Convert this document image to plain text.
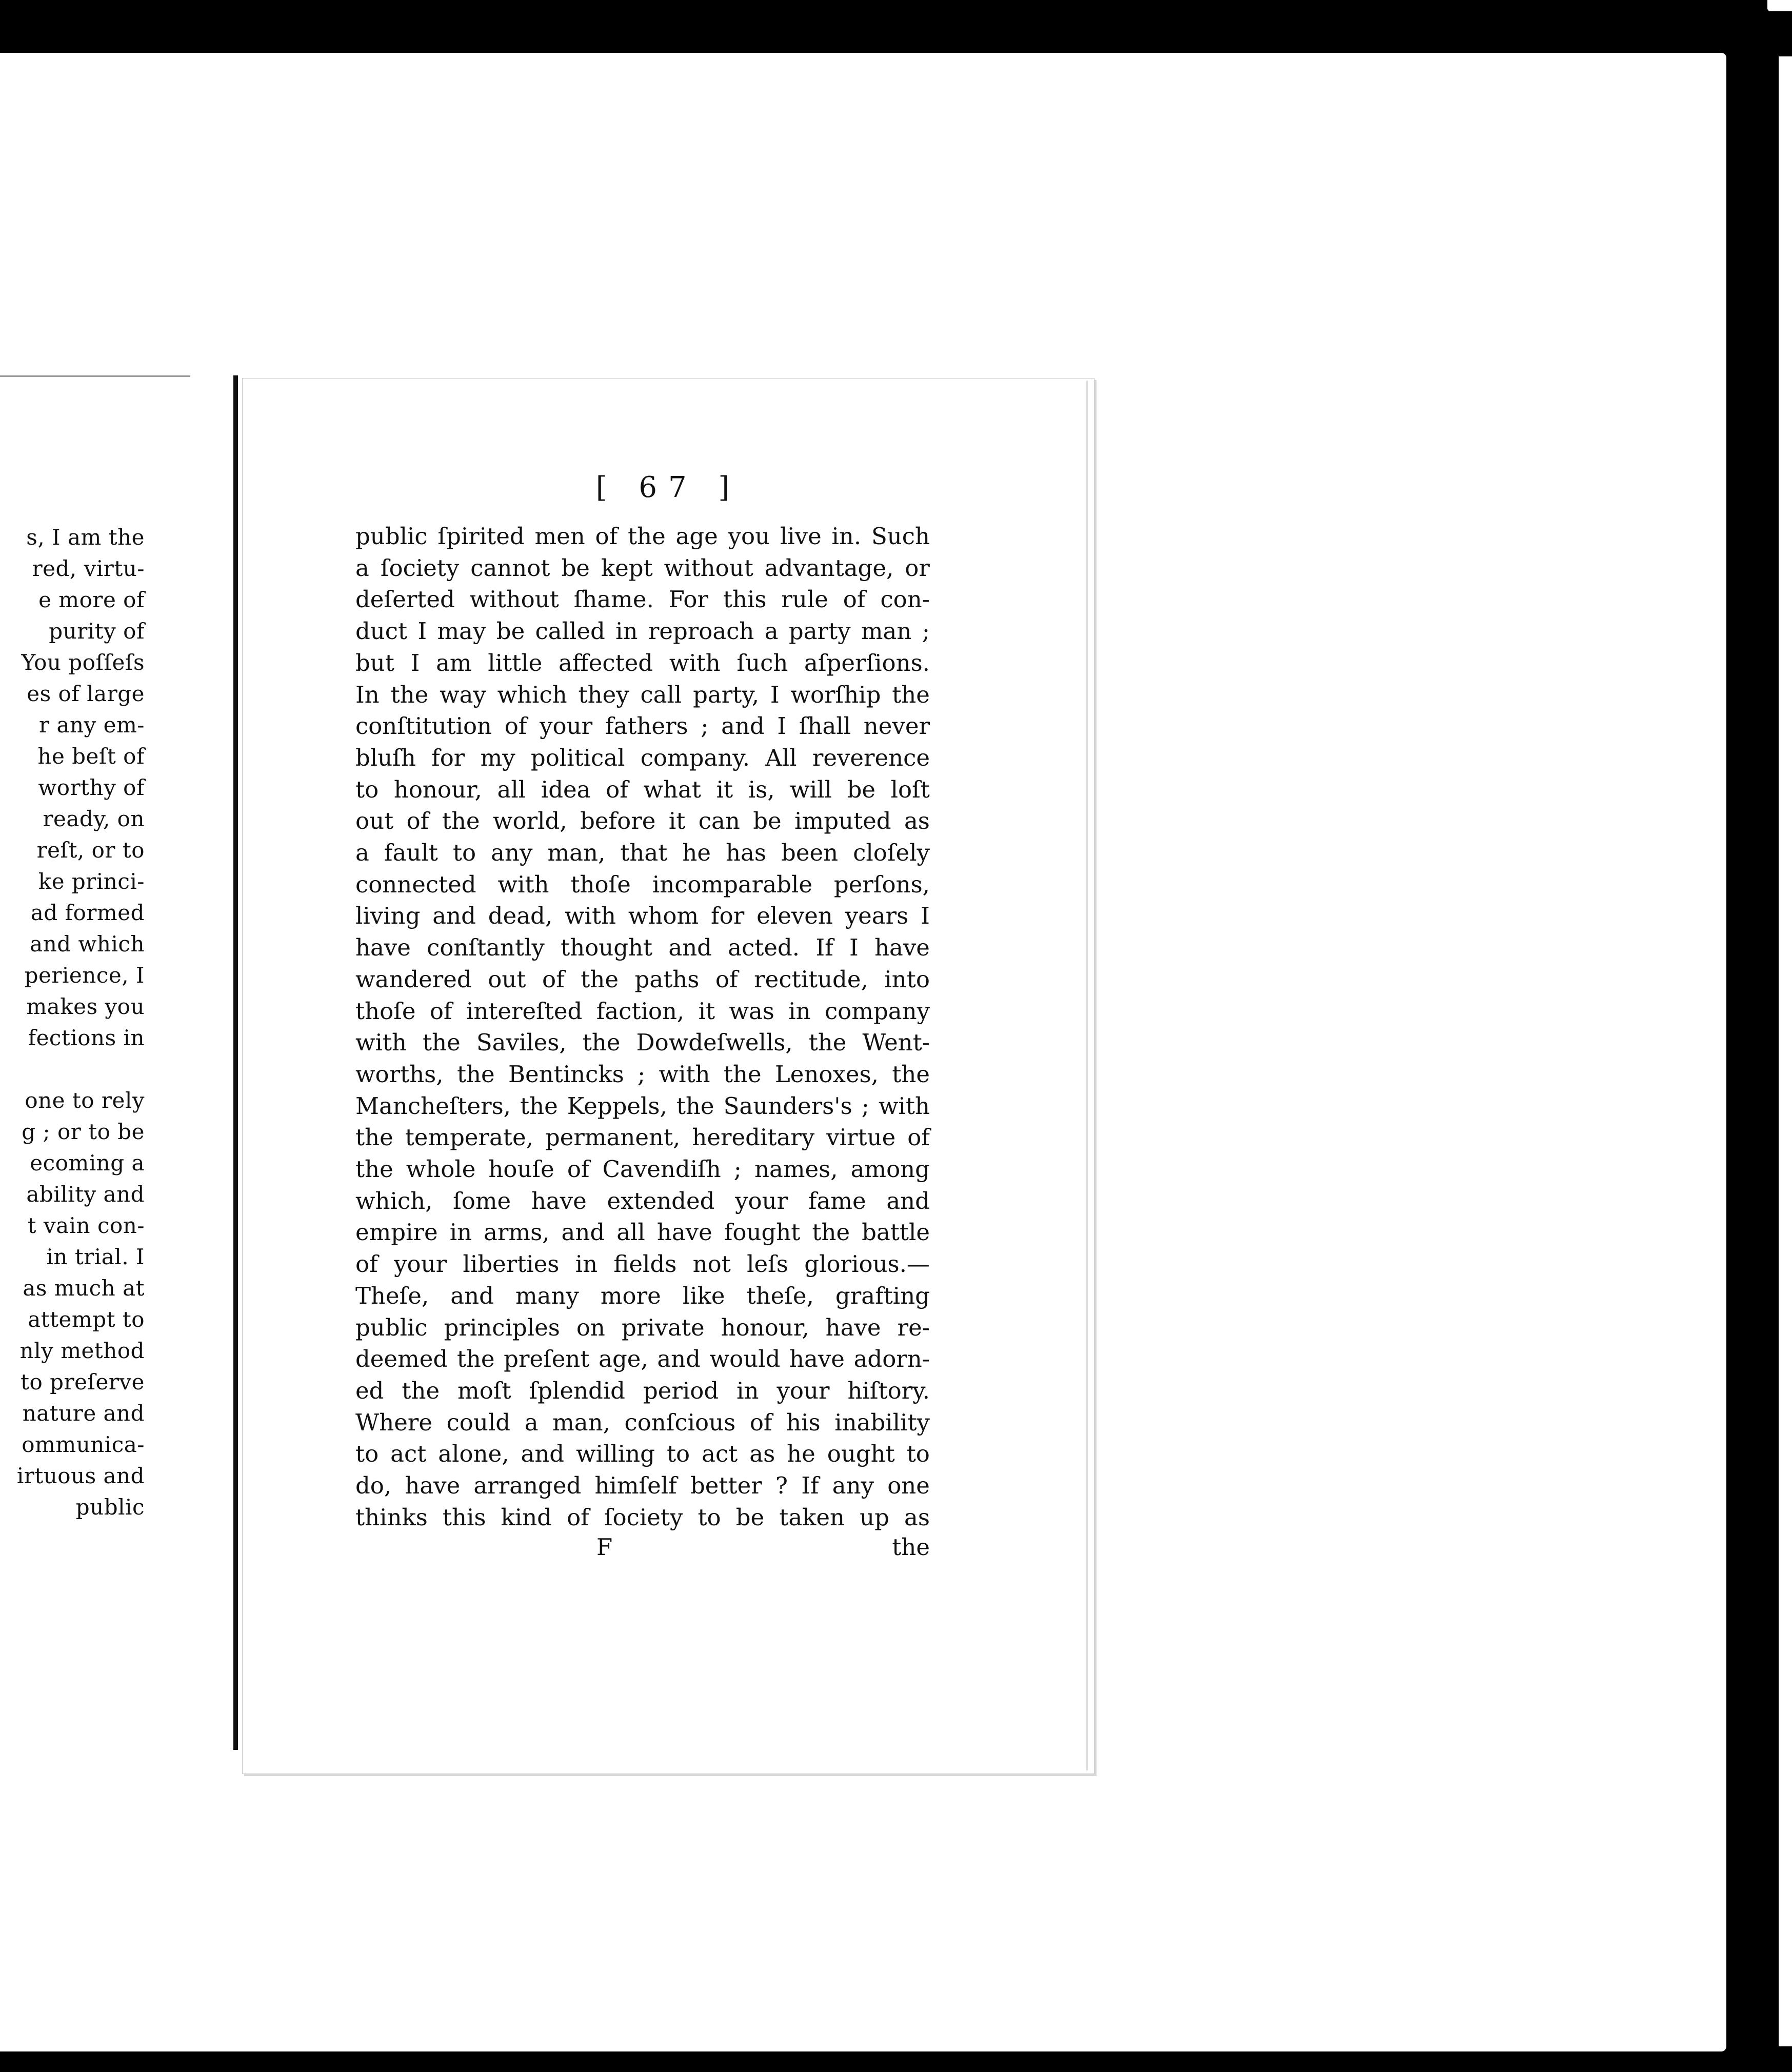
s, I am the
red, virtu-
e more of
purity of
You poſſeſs
es of large
r any em-
he beſt of
worthy of
ready, on
reſt, or to
ke princi-
ad formed
and which
perience, I
makes you
fections in
one to rely
g ; or to be
ecoming a
ability and
t vain con-
in trial. I
as much at
attempt to
nly method
to preſerve
nature and
ommunica-
irtuous and
public
[ 67 ]
public ſpirited men of the age you live in. Such
a ſociety cannot be kept without advantage, or
deſerted without ſhame. For this rule of con-
duct I may be called in reproach a party man ;
but I am little affected with ſuch aſperſions.
In the way which they call party, I worſhip the
conſtitution of your fathers ; and I ſhall never
bluſh for my political company. All reverence
to honour, all idea of what it is, will be loſt
out of the world, before it can be imputed as
a fault to any man, that he has been cloſely
connected with thoſe incomparable perſons,
living and dead, with whom for eleven years I
have conſtantly thought and acted. If I have
wandered out of the paths of rectitude, into
thoſe of intereſted faction, it was in company
with the Saviles, the Dowdeſwells, the Went-
worths, the Bentincks ; with the Lenoxes, the
Mancheſters, the Keppels, the Saunders's ; with
the temperate, permanent, hereditary virtue of
the whole houſe of Cavendiſh ; names, among
which, ſome have extended your fame and
empire in arms, and all have fought the battle
of your liberties in fields not leſs glorious.—
Theſe, and many more like theſe, grafting
public principles on private honour, have re-
deemed the preſent age, and would have adorn-
ed the moſt ſplendid period in your hiſtory.
Where could a man, conſcious of his inability
to act alone, and willing to act as he ought to
do, have arranged himſelf better ? If any one
thinks this kind of ſociety to be taken up as
F	the
